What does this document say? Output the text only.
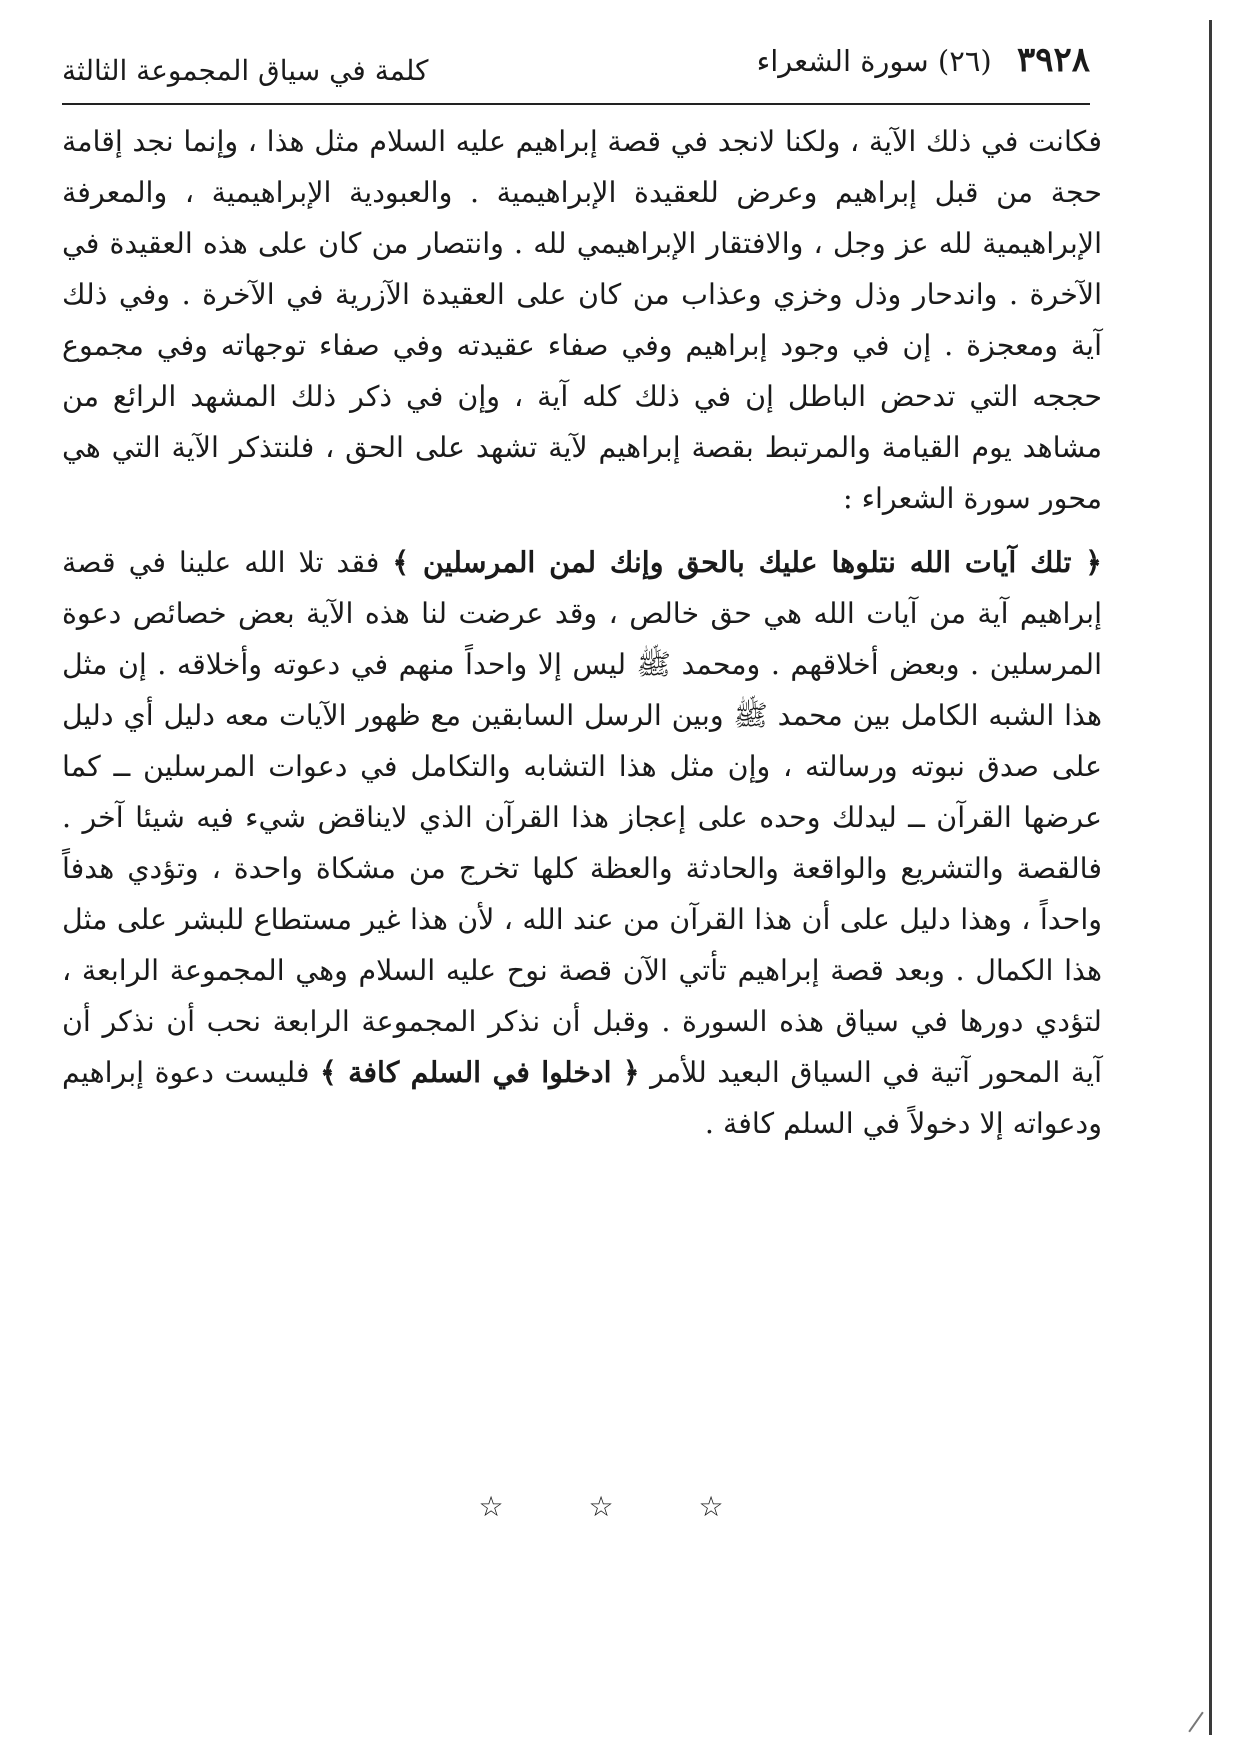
٣٩٢٨ (٢٦) سورة الشعراء
كلمة في سياق المجموعة الثالثة

فكانت في ذلك الآية ، ولكنا لانجد في قصة إبراهيم عليه السلام مثل هذا ، وإنما نجد إقامة حجة من قبل إبراهيم وعرض للعقيدة الإبراهيمية . والعبودية الإبراهيمية ، والمعرفة الإبراهيمية لله عز وجل ، والافتقار الإبراهيمي لله . وانتصار من كان على هذه العقيدة في الآخرة . واندحار وذل وخزي وعذاب من كان على العقيدة الآزرية في الآخرة . وفي ذلك آية ومعجزة . إن في وجود إبراهيم وفي صفاء عقيدته وفي صفاء توجهاته وفي مجموع حججه التي تدحض الباطل إن في ذلك كله آية ، وإن في ذكر ذلك المشهد الرائع من مشاهد يوم القيامة والمرتبط بقصة إبراهيم لآية تشهد على الحق ، فلنتذكر الآية التي هي محور سورة الشعراء :

﴿ تلك آيات الله نتلوها عليك بالحق وإنك لمن المرسلين ﴾ فقد تلا الله علينا في قصة إبراهيم آية من آيات الله هي حق خالص ، وقد عرضت لنا هذه الآية بعض خصائص دعوة المرسلين . وبعض أخلاقهم . ومحمد ﷺ ليس إلا واحداً منهم في دعوته وأخلاقه . إن مثل هذا الشبه الكامل بين محمد ﷺ وبين الرسل السابقين مع ظهور الآيات معه دليل أي دليل على صدق نبوته ورسالته ، وإن مثل هذا التشابه والتكامل في دعوات المرسلين ــ كما عرضها القرآن ــ ليدلك وحده على إعجاز هذا القرآن الذي لايناقض شيء فيه شيئا آخر . فالقصة والتشريع والواقعة والحادثة والعظة كلها تخرج من مشكاة واحدة ، وتؤدي هدفاً واحداً ، وهذا دليل على أن هذا القرآن من عند الله ، لأن هذا غير مستطاع للبشر على مثل هذا الكمال . وبعد قصة إبراهيم تأتي الآن قصة نوح عليه السلام وهي المجموعة الرابعة ، لتؤدي دورها في سياق هذه السورة . وقبل أن نذكر المجموعة الرابعة نحب أن نذكر أن آية المحور آتية في السياق البعيد للأمر ﴿ ادخلوا في السلم كافة ﴾ فليست دعوة إبراهيم ودعواته إلا دخولاً في السلم كافة .

☆ ☆ ☆
